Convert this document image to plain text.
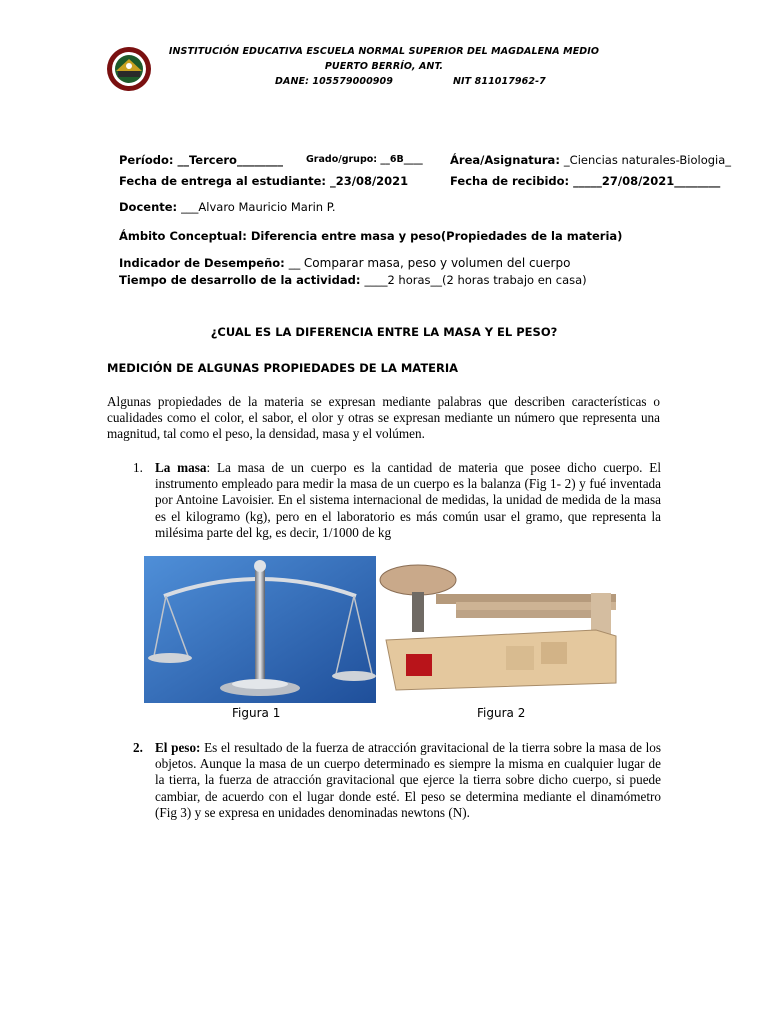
INSTITUCIÓN EDUCATIVA ESCUELA NORMAL SUPERIOR DEL MAGDALENA MEDIO
PUERTO BERRÍO, ANT.
DANE: 105579000909	NIT 811017962-7
Período: __Tercero________ Grado/grupo: __6B____ Área/Asignatura: _Ciencias naturales-Biologia_
Fecha de entrega al estudiante: _23/08/2021	Fecha de recibido: _____27/08/2021________
Docente: ___Alvaro Mauricio Marin P.
Ámbito Conceptual: Diferencia entre masa y peso(Propiedades de la materia)
Indicador de Desempeño: __ Comparar masa, peso y volumen del cuerpo
Tiempo de desarrollo de la actividad: ____2 horas__(2 horas trabajo en casa)
¿CUAL ES LA DIFERENCIA ENTRE LA MASA Y EL PESO?
MEDICIÓN DE ALGUNAS PROPIEDADES DE LA MATERIA
Algunas propiedades de la materia se expresan mediante palabras que describen características o cualidades como el color, el sabor, el olor y otras se expresan mediante un número que representa una magnitud, tal como el peso, la densidad, masa y el volúmen.
1. La masa: La masa de un cuerpo es la cantidad de materia que posee dicho cuerpo. El instrumento empleado para medir la masa de un cuerpo es la balanza (Fig 1- 2) y fué inventada por Antoine Lavoisier. En el sistema internacional de medidas, la unidad de medida de la masa es el kilogramo (kg), pero en el laboratorio es más común usar el gramo, que representa la milésima parte del kg, es decir, 1/1000 de kg
Figura 1	Figura 2
2. El peso: Es el resultado de la fuerza de atracción gravitacional de la tierra sobre la masa de los objetos. Aunque la masa de un cuerpo determinado es siempre la misma en cualquier lugar de la tierra, la fuerza de atracción gravitacional que ejerce la tierra sobre dicho cuerpo, si puede cambiar, de acuerdo con el lugar donde esté. El peso se determina mediante el dinamómetro (Fig 3) y se expresa en unidades denominadas newtons (N).
